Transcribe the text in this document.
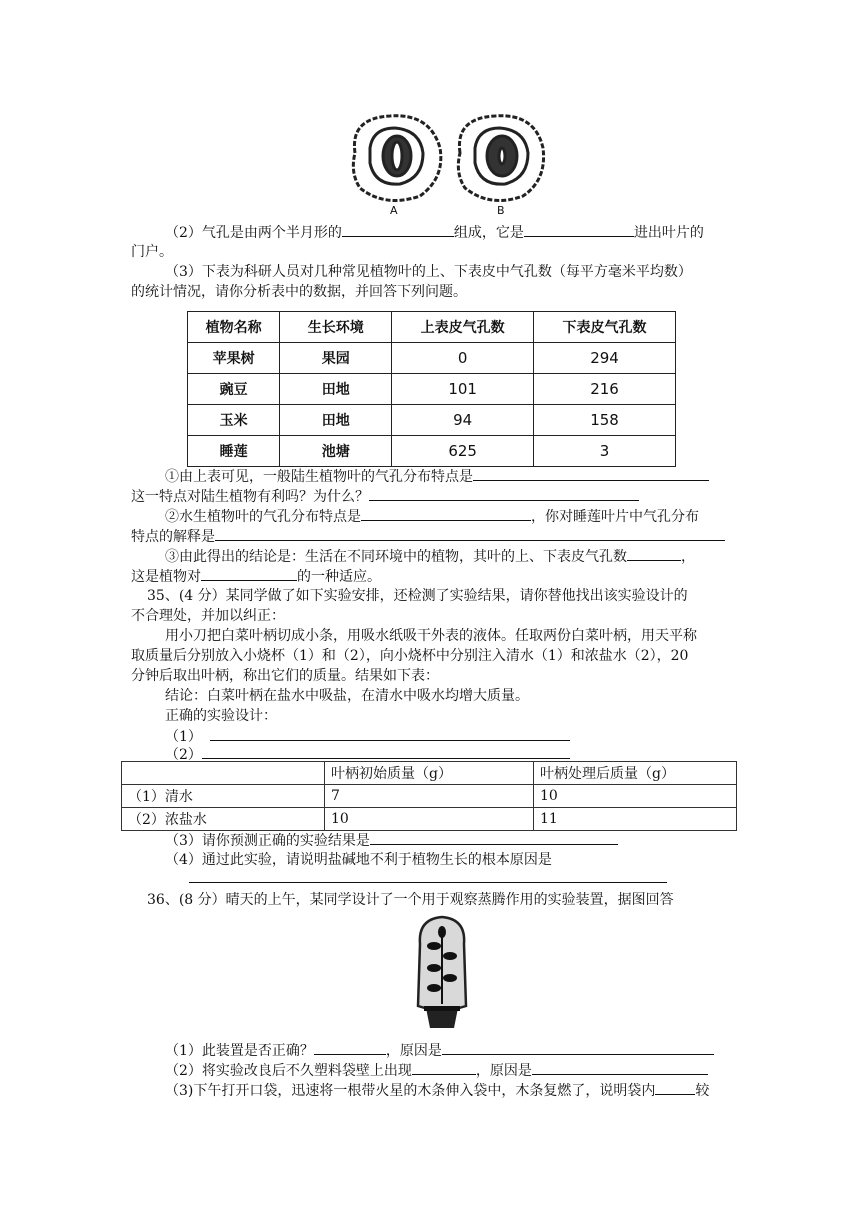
A	B
（2）气孔是由两个半月形的	组成，它是	进出叶片的
门户。
（3）下表为科研人员对几种常见植物叶的上、下表皮中气孔数（每平方毫米平均数）
的统计情况，请你分析表中的数据，并回答下列问题。
植物名称	生长环境	上表皮气孔数	下表皮气孔数
苹果树	果园	0	294
豌豆	田地	101	216
玉米	田地	94	158
睡莲	池塘	625	3
①由上表可见，一般陆生植物叶的气孔分布特点是
这一特点对陆生植物有利吗？为什么？
②水生植物叶的气孔分布特点是	，你对睡莲叶片中气孔分布
特点的解释是
③由此得出的结论是：生活在不同环境中的植物，其叶的上、下表皮气孔数	，
这是植物对	的一种适应。
35、(4 分）某同学做了如下实验安排，还检测了实验结果，请你替他找出该实验设计的
不合理处，并加以纠正：
用小刀把白菜叶柄切成小条，用吸水纸吸干外表的液体。任取两份白菜叶柄，用天平称
取质量后分别放入小烧杯（1）和（2），向小烧杯中分别注入清水（1）和浓盐水（2），20
分钟后取出叶柄，称出它们的质量。结果如下表：
结论：白菜叶柄在盐水中吸盐，在清水中吸水均增大质量。
正确的实验设计：
（1）
（2）
	叶柄初始质量（g）	叶柄处理后质量（g）
（1）清水	7	10
（2）浓盐水	10	11
（3）请你预测正确的实验结果是
（4）通过此实验，请说明盐碱地不利于植物生长的根本原因是
36、(8 分）晴天的上午，某同学设计了一个用于观察蒸腾作用的实验装置，据图回答
（1）此装置是否正确？	，原因是
（2）将实验改良后不久塑料袋壁上出现	，原因是
（3)下午打开口袋，迅速将一根带火星的木条伸入袋中，木条复燃了，说明袋内	较
